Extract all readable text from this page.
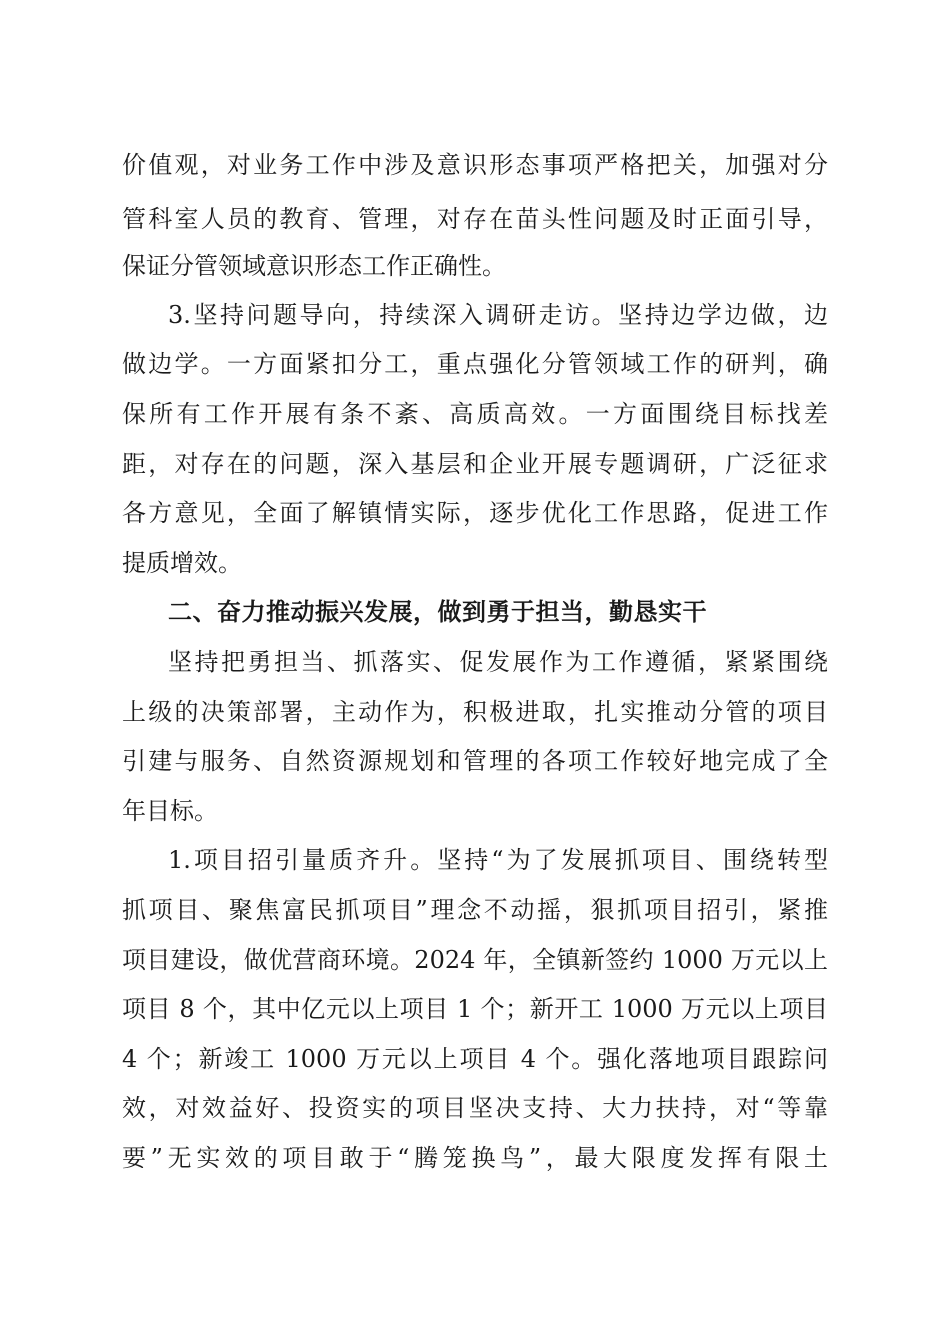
价值观，对业务工作中涉及意识形态事项严格把关，加强对分
管科室人员的教育、管理，对存在苗头性问题及时正面引导，
保证分管领域意识形态工作正确性。
3.坚持问题导向，持续深入调研走访。坚持边学边做，边
做边学。一方面紧扣分工，重点强化分管领域工作的研判，确
保所有工作开展有条不紊、高质高效。一方面围绕目标找差
距，对存在的问题，深入基层和企业开展专题调研，广泛征求
各方意见，全面了解镇情实际，逐步优化工作思路，促进工作
提质增效。
二、奋力推动振兴发展，做到勇于担当，勤恳实干
坚持把勇担当、抓落实、促发展作为工作遵循，紧紧围绕
上级的决策部署，主动作为，积极进取，扎实推动分管的项目
引建与服务、自然资源规划和管理的各项工作较好地完成了全
年目标。
1.项目招引量质齐升。坚持“为了发展抓项目、围绕转型
抓项目、聚焦富民抓项目”理念不动摇，狠抓项目招引，紧推
项目建设，做优营商环境。2024 年，全镇新签约 1000 万元以上
项目 8 个，其中亿元以上项目 1 个；新开工 1000 万元以上项目
4 个；新竣工 1000 万元以上项目 4 个。强化落地项目跟踪问
效，对效益好、投资实的项目坚决支持、大力扶持，对“等靠
要”无实效的项目敢于“腾笼换鸟”，最大限度发挥有限土
